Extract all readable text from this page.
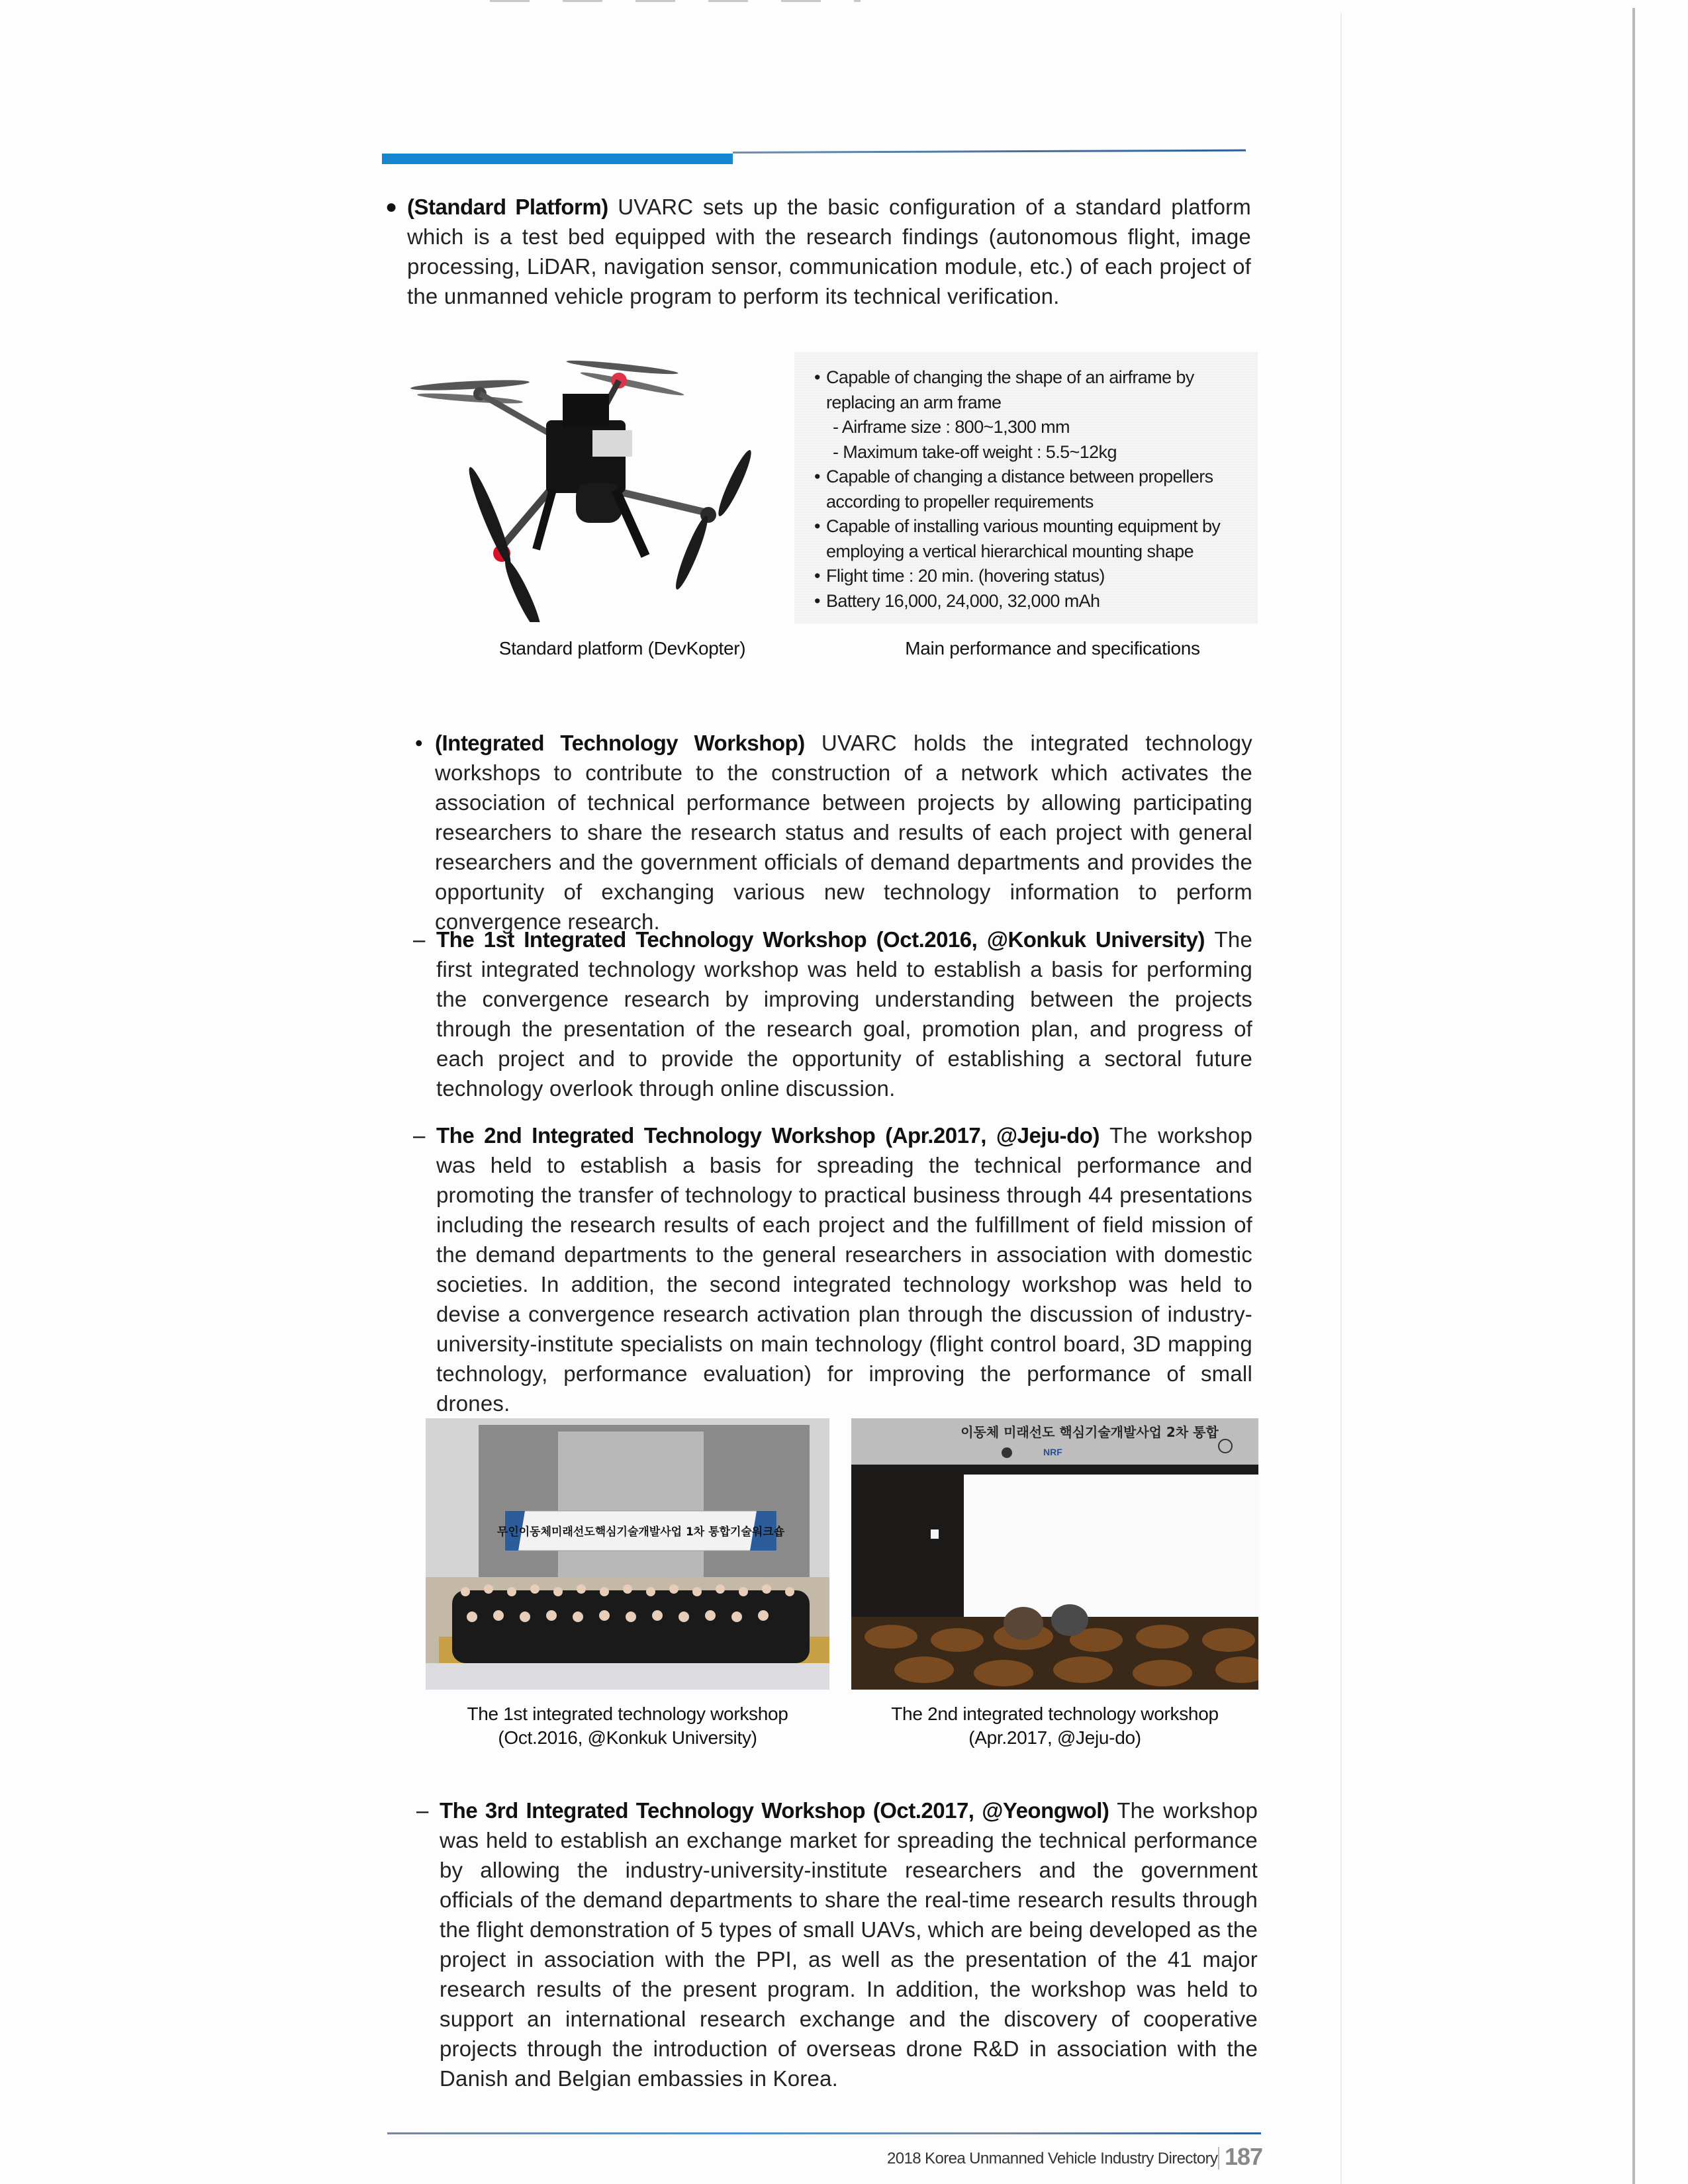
● (Standard Platform) UVARC sets up the basic configuration of a standard platform which is a test bed equipped with the research findings (autonomous flight, image processing, LiDAR, navigation sensor, communication module, etc.) of each project of the unmanned vehicle program to perform its technical verification.
Standard platform (DevKopter)
• Capable of changing the shape of an airframe by replacing an arm frame
- Airframe size : 800~1,300 mm
- Maximum take-off weight : 5.5~12kg
• Capable of changing a distance between propellers according to propeller requirements
• Capable of installing various mounting equipment by employing a vertical hierarchical mounting shape
• Flight time : 20 min. (hovering status)
• Battery 16,000, 24,000, 32,000 mAh
Main performance and specifications
• (Integrated Technology Workshop) UVARC holds the integrated technology workshops to contribute to the construction of a network which activates the association of technical performance between projects by allowing participating researchers to share the research status and results of each project with general researchers and the government officials of demand departments and provides the opportunity of exchanging various new technology information to perform convergence research.
– The 1st Integrated Technology Workshop (Oct.2016, @Konkuk University) The first integrated technology workshop was held to establish a basis for performing the convergence research by improving understanding between the projects through the presentation of the research goal, promotion plan, and progress of each project and to provide the opportunity of establishing a sectoral future technology overlook through online discussion.
– The 2nd Integrated Technology Workshop (Apr.2017, @Jeju-do) The workshop was held to establish a basis for spreading the technical performance and promoting the transfer of technology to practical business through 44 presentations including the research results of each project and the fulfillment of field mission of the demand departments to the general researchers in association with domestic societies. In addition, the second integrated technology workshop was held to devise a convergence research activation plan through the discussion of industry-university-institute specialists on main technology (flight control board, 3D mapping technology, performance evaluation) for improving the performance of small drones.
무인이동체미래선도핵심기술개발사업 1차 통합기술워크숍
이동체 미래선도 핵심기술개발사업 2차 통합
NRF
The 1st integrated technology workshop
(Oct.2016, @Konkuk University)
The 2nd integrated technology workshop
(Apr.2017, @Jeju-do)
– The 3rd Integrated Technology Workshop (Oct.2017, @Yeongwol) The workshop was held to establish an exchange market for spreading the technical performance by allowing the industry-university-institute researchers and the government officials of the demand departments to share the real-time research results through the flight demonstration of 5 types of small UAVs, which are being developed as the project in association with the PPI, as well as the presentation of the 41 major research results of the present program. In addition, the workshop was held to support an international research exchange and the discovery of cooperative projects through the introduction of overseas drone R&D in association with the Danish and Belgian embassies in Korea.
2018 Korea Unmanned Vehicle Industry Directory 187
